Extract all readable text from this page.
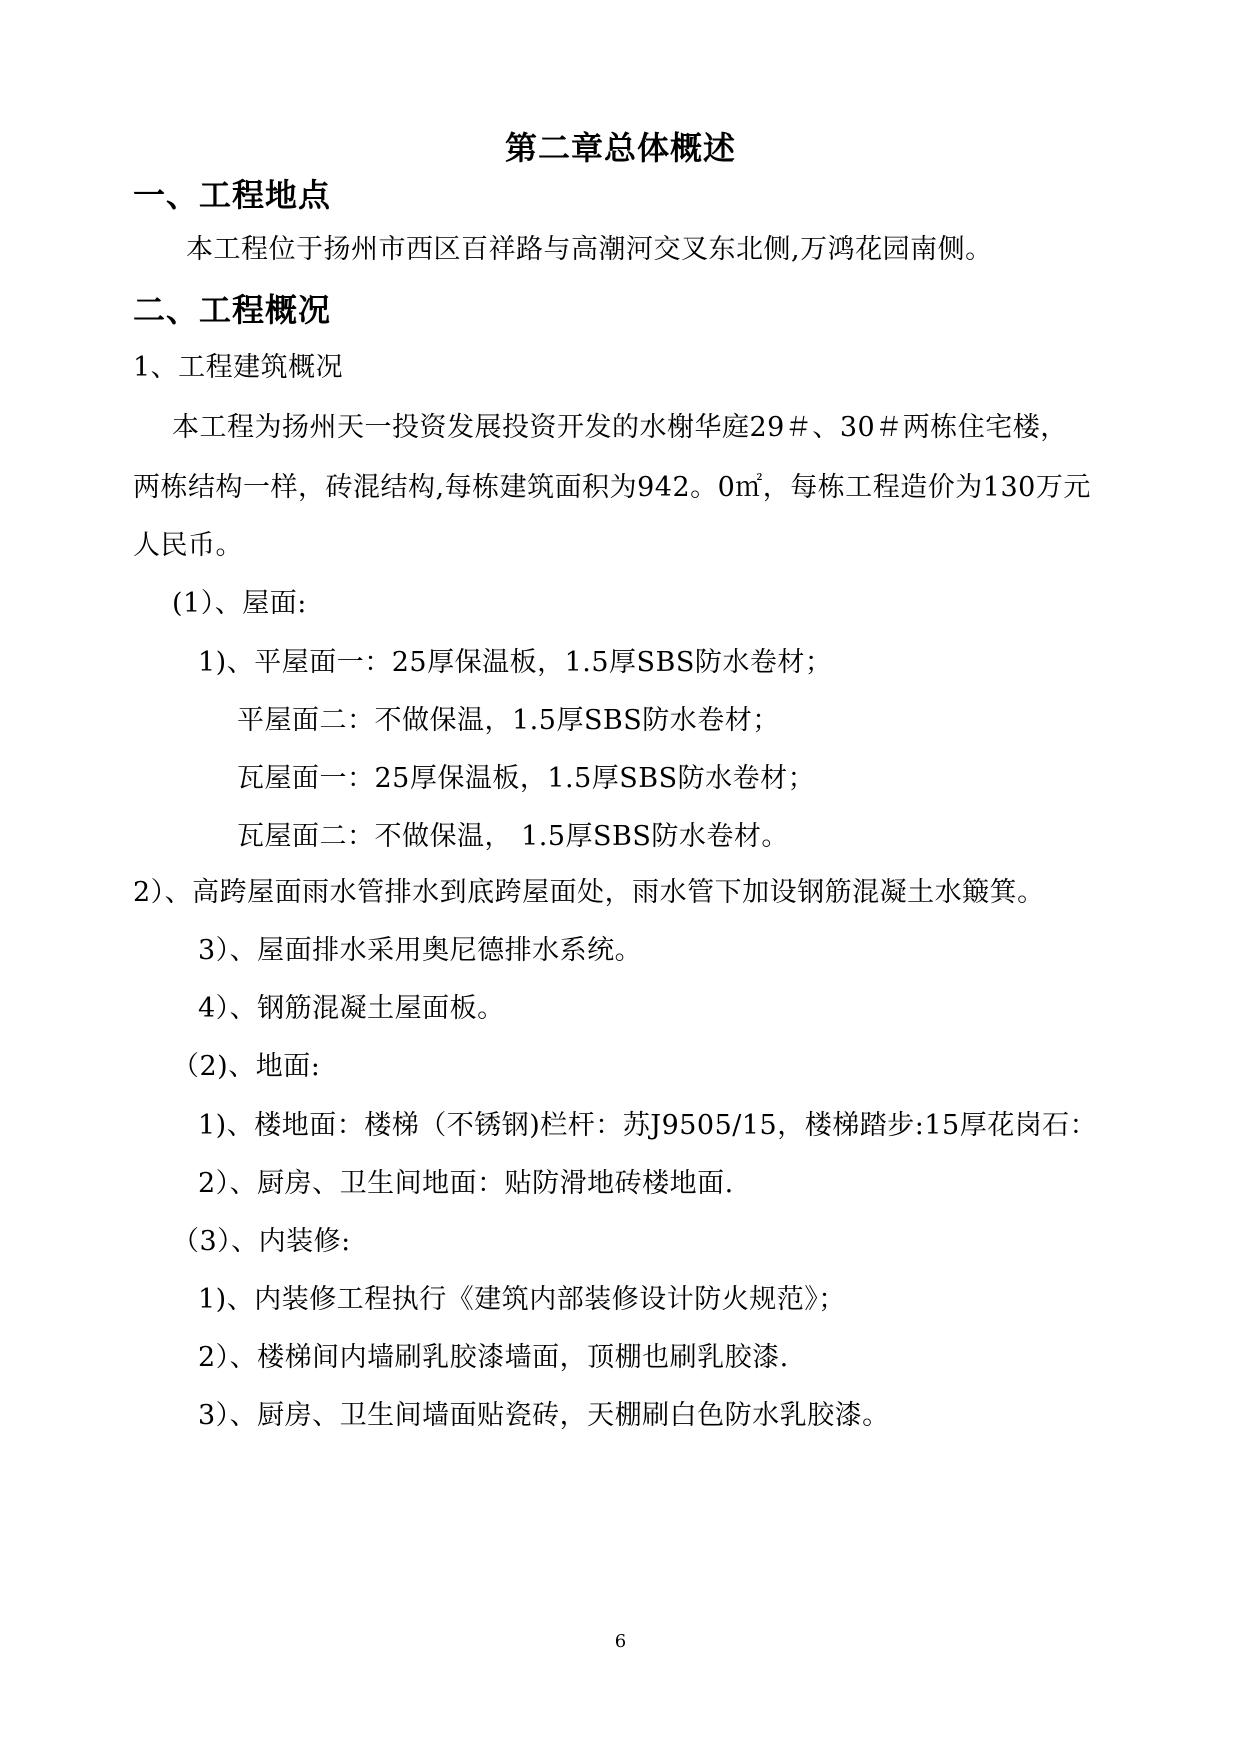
第二章总体概述
一、工程地点
本工程位于扬州市西区百祥路与高潮河交叉东北侧,万鸿花园南侧。
二、工程概况
1、工程建筑概况
本工程为扬州天一投资发展投资开发的水榭华庭29＃、30＃两栋住宅楼，
两栋结构一样，砖混结构,每栋建筑面积为942。0㎡，每栋工程造价为130万元
人民币。
(1）、屋面:
1)、平屋面一：25厚保温板，1.5厚SBS防水卷材；
平屋面二：不做保温，1.5厚SBS防水卷材；
瓦屋面一：25厚保温板，1.5厚SBS防水卷材；
瓦屋面二：不做保温， 1.5厚SBS防水卷材。
2）、高跨屋面雨水管排水到底跨屋面处，雨水管下加设钢筋混凝土水簸箕。
3）、屋面排水采用奥尼德排水系统。
4）、钢筋混凝土屋面板。
（2)、地面:
1)、楼地面：楼梯（不锈钢)栏杆：苏J9505/15，楼梯踏步:15厚花岗石：
2）、厨房、卫生间地面：贴防滑地砖楼地面.
（3）、内装修:
1)、内装修工程执行《建筑内部装修设计防火规范》；
2）、楼梯间内墙刷乳胶漆墙面，顶棚也刷乳胶漆.
3）、厨房、卫生间墙面贴瓷砖，天棚刷白色防水乳胶漆。
6
